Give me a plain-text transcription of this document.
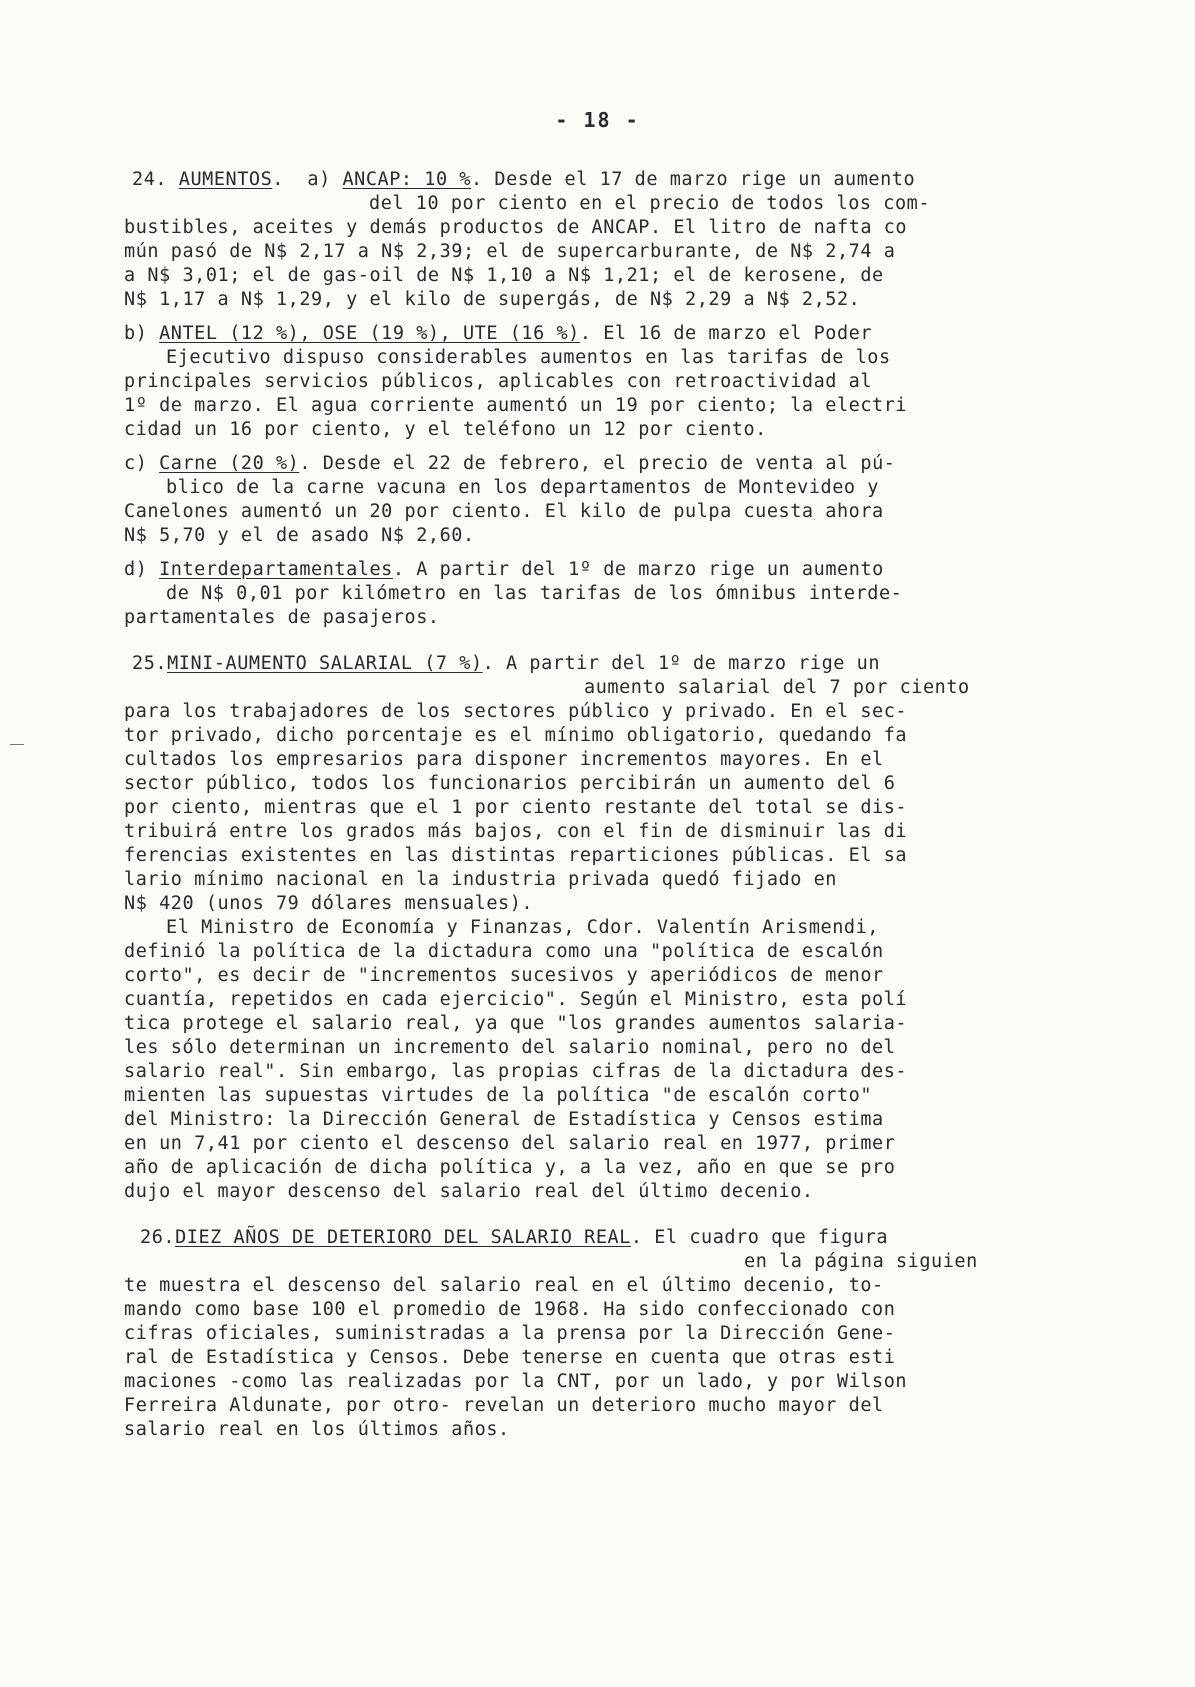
- 18 -
24. AUMENTOS.  a) ANCAP: 10 %. Desde el 17 de marzo rige un aumento
del 10 por ciento en el precio de todos los com-
bustibles, aceites y demás productos de ANCAP. El litro de nafta co
mún pasó de N$ 2,17 a N$ 2,39; el de supercarburante, de N$ 2,74 a
a N$ 3,01; el de gas-oil de N$ 1,10 a N$ 1,21; el de kerosene, de
N$ 1,17 a N$ 1,29, y el kilo de supergás, de N$ 2,29 a N$ 2,52.
b) ANTEL (12 %), OSE (19 %), UTE (16 %). El 16 de marzo el Poder
Ejecutivo dispuso considerables aumentos en las tarifas de los
principales servicios públicos, aplicables con retroactividad al
1º de marzo. El agua corriente aumentó un 19 por ciento; la electri
cidad un 16 por ciento, y el teléfono un 12 por ciento.
c) Carne (20 %). Desde el 22 de febrero, el precio de venta al pú-
blico de la carne vacuna en los departamentos de Montevideo y
Canelones aumentó un 20 por ciento. El kilo de pulpa cuesta ahora
N$ 5,70 y el de asado N$ 2,60.
d) Interdepartamentales. A partir del 1º de marzo rige un aumento
de N$ 0,01 por kilómetro en las tarifas de los ómnibus interde-
partamentales de pasajeros.
25.MINI-AUMENTO SALARIAL (7 %). A partir del 1º de marzo rige un
aumento salarial del 7 por ciento
para los trabajadores de los sectores público y privado. En el sec-
tor privado, dicho porcentaje es el mínimo obligatorio, quedando fa
cultados los empresarios para disponer incrementos mayores. En el
sector público, todos los funcionarios percibirán un aumento del 6
por ciento, mientras que el 1 por ciento restante del total se dis-
tribuirá entre los grados más bajos, con el fin de disminuir las di
ferencias existentes en las distintas reparticiones públicas. El sa
lario mínimo nacional en la industria privada quedó fijado en
N$ 420 (unos 79 dólares mensuales).
El Ministro de Economía y Finanzas, Cdor. Valentín Arismendi,
definió la política de la dictadura como una "política de escalón
corto", es decir de "incrementos sucesivos y aperiódicos de menor
cuantía, repetidos en cada ejercicio". Según el Ministro, esta polí
tica protege el salario real, ya que "los grandes aumentos salaria-
les sólo determinan un incremento del salario nominal, pero no del
salario real". Sin embargo, las propias cifras de la dictadura des-
mienten las supuestas virtudes de la política "de escalón corto"
del Ministro: la Dirección General de Estadística y Censos estima
en un 7,41 por ciento el descenso del salario real en 1977, primer
año de aplicación de dicha política y, a la vez, año en que se pro
dujo el mayor descenso del salario real del último decenio.
26.DIEZ AÑOS DE DETERIORO DEL SALARIO REAL. El cuadro que figura
en la página siguien
te muestra el descenso del salario real en el último decenio, to-
mando como base 100 el promedio de 1968. Ha sido confeccionado con
cifras oficiales, suministradas a la prensa por la Dirección Gene-
ral de Estadística y Censos. Debe tenerse en cuenta que otras esti
maciones -como las realizadas por la CNT, por un lado, y por Wilson
Ferreira Aldunate, por otro- revelan un deterioro mucho mayor del
salario real en los últimos años.
